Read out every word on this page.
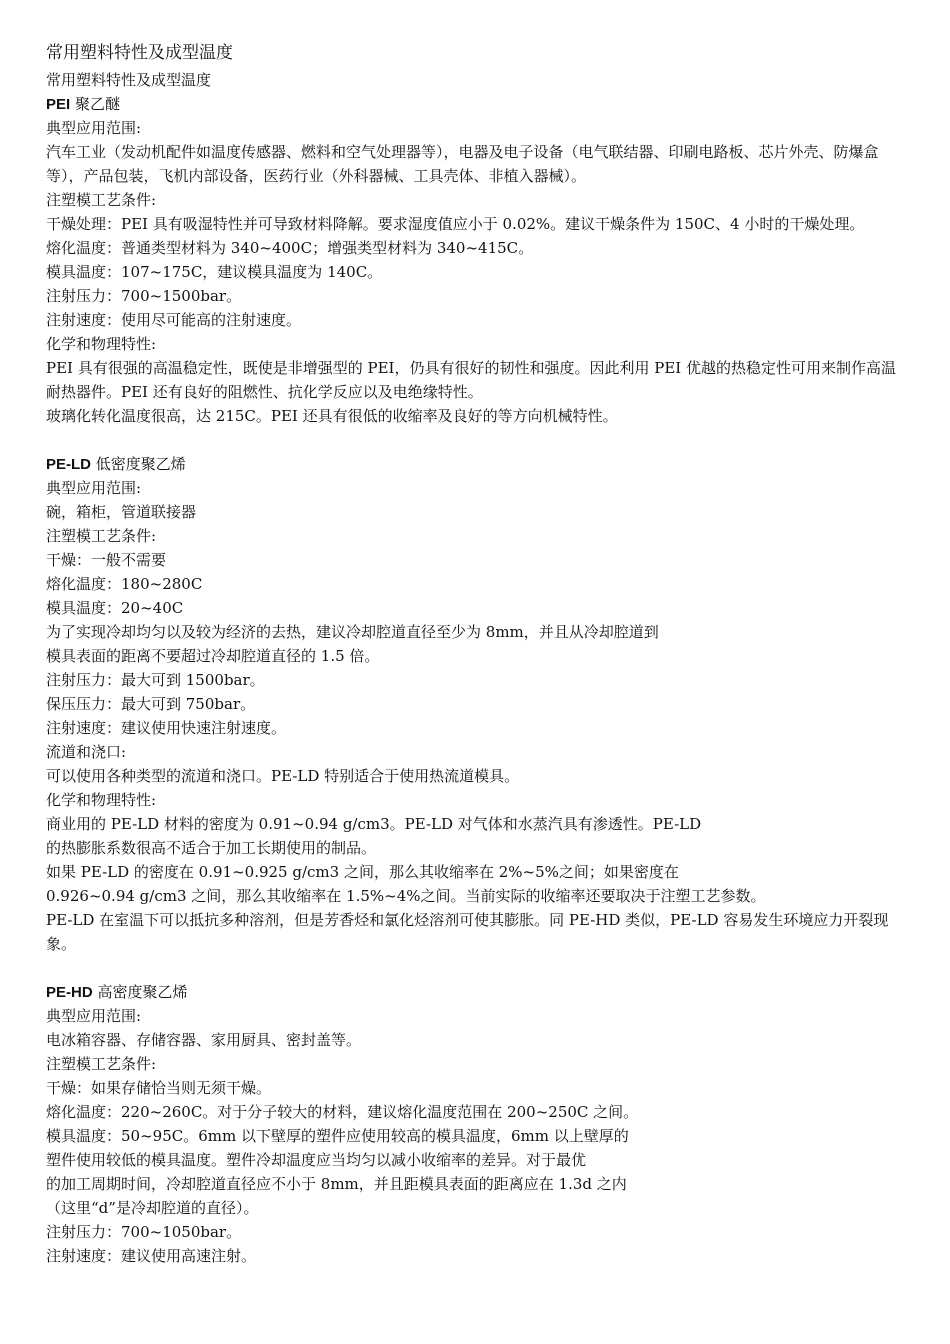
常用塑料特性及成型温度
常用塑料特性及成型温度
PEI 聚乙醚
典型应用范围:
汽车工业（发动机配件如温度传感器、燃料和空气处理器等），电器及电子设备（电气联结器、印刷电路板、芯片外壳、防爆盒等），产品包装，飞机内部设备，医药行业（外科器械、工具壳体、非植入器械）。
注塑模工艺条件:
干燥处理：PEI 具有吸湿特性并可导致材料降解。要求湿度值应小于 0.02%。建议干燥条件为 150C、4 小时的干燥处理。
熔化温度：普通类型材料为 340~400C；增强类型材料为 340~415C。
模具温度：107~175C，建议模具温度为 140C。
注射压力：700~1500bar。
注射速度：使用尽可能高的注射速度。
化学和物理特性:
PEI 具有很强的高温稳定性，既使是非增强型的 PEI，仍具有很好的韧性和强度。因此利用 PEI 优越的热稳定性可用来制作高温耐热器件。PEI 还有良好的阻燃性、抗化学反应以及电绝缘特性。
玻璃化转化温度很高，达 215C。PEI 还具有很低的收缩率及良好的等方向机械特性。
PE-LD 低密度聚乙烯
典型应用范围:
碗，箱柜，管道联接器
注塑模工艺条件:
干燥：一般不需要
熔化温度：180~280C
模具温度：20~40C
为了实现冷却均匀以及较为经济的去热，建议冷却腔道直径至少为 8mm，并且从冷却腔道到
模具表面的距离不要超过冷却腔道直径的 1.5 倍。
注射压力：最大可到 1500bar。
保压压力：最大可到 750bar。
注射速度：建议使用快速注射速度。
流道和浇口:
可以使用各种类型的流道和浇口。PE-LD 特别适合于使用热流道模具。
化学和物理特性:
商业用的 PE-LD 材料的密度为 0.91~0.94 g/cm3。PE-LD 对气体和水蒸汽具有渗透性。PE-LD
的热膨胀系数很高不适合于加工长期使用的制品。
如果 PE-LD 的密度在 0.91~0.925 g/cm3 之间，那么其收缩率在 2%~5%之间；如果密度在
0.926~0.94 g/cm3 之间，那么其收缩率在 1.5%~4%之间。当前实际的收缩率还要取决于注塑工艺参数。
PE-LD 在室温下可以抵抗多种溶剂，但是芳香烃和氯化烃溶剂可使其膨胀。同 PE-HD 类似，PE-LD 容易发生环境应力开裂现象。
PE-HD 高密度聚乙烯
典型应用范围:
电冰箱容器、存储容器、家用厨具、密封盖等。
注塑模工艺条件:
干燥：如果存储恰当则无须干燥。
熔化温度：220~260C。对于分子较大的材料，建议熔化温度范围在 200~250C 之间。
模具温度：50~95C。6mm 以下壁厚的塑件应使用较高的模具温度，6mm 以上壁厚的
塑件使用较低的模具温度。塑件冷却温度应当均匀以减小收缩率的差异。对于最优
的加工周期时间，冷却腔道直径应不小于 8mm，并且距模具表面的距离应在 1.3d 之内
（这里“d”是冷却腔道的直径）。
注射压力：700~1050bar。
注射速度：建议使用高速注射。
